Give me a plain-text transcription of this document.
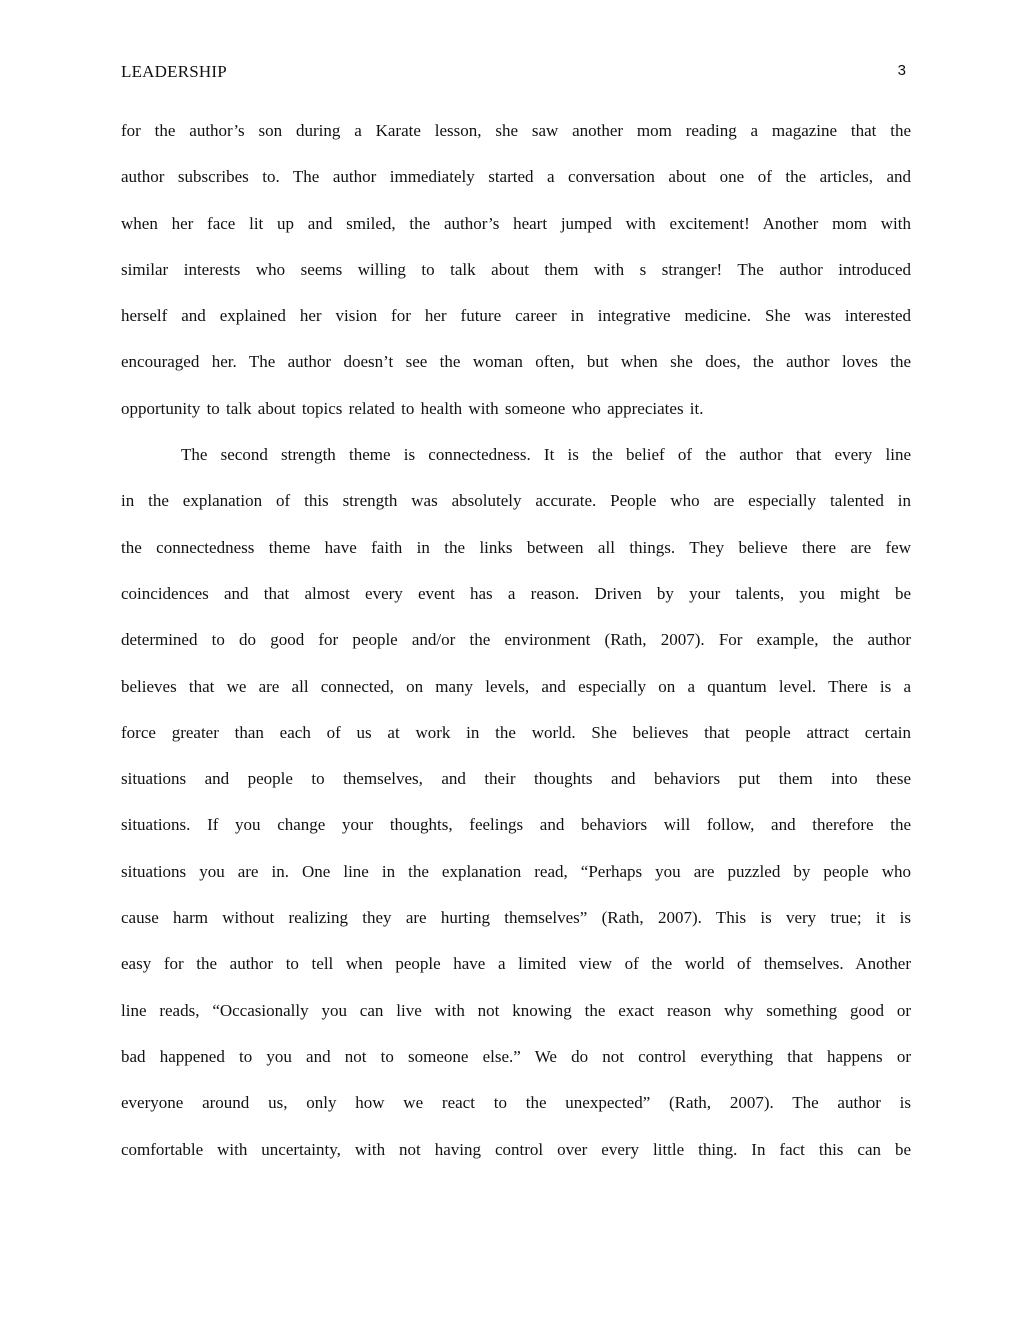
LEADERSHIP	3
for the author’s son during a Karate lesson, she saw another mom reading a magazine that the
author subscribes to. The author immediately started a conversation about one of the articles, and
when her face lit up and smiled, the author’s heart jumped with excitement! Another mom with
similar interests who seems willing to talk about them with s stranger! The author introduced
herself and explained her vision for her future career in integrative medicine. She was interested
encouraged her. The author doesn’t see the woman often, but when she does, the author loves the
opportunity to talk about topics related to health with someone who appreciates it.
The second strength theme is connectedness. It is the belief of the author that every line
in the explanation of this strength was absolutely accurate. People who are especially talented in
the connectedness theme have faith in the links between all things. They believe there are few
coincidences and that almost every event has a reason. Driven by your talents, you might be
determined to do good for people and/or the environment (Rath, 2007). For example, the author
believes that we are all connected, on many levels, and especially on a quantum level. There is a
force greater than each of us at work in the world. She believes that people attract certain
situations and people to themselves, and their thoughts and behaviors put them into these
situations. If you change your thoughts, feelings and behaviors will follow, and therefore the
situations you are in. One line in the explanation read, “Perhaps you are puzzled by people who
cause harm without realizing they are hurting themselves” (Rath, 2007). This is very true; it is
easy for the author to tell when people have a limited view of the world of themselves. Another
line reads, “Occasionally you can live with not knowing the exact reason why something good or
bad happened to you and not to someone else.” We do not control everything that happens or
everyone around us, only how we react to the unexpected” (Rath, 2007). The author is
comfortable with uncertainty, with not having control over every little thing. In fact this can be
